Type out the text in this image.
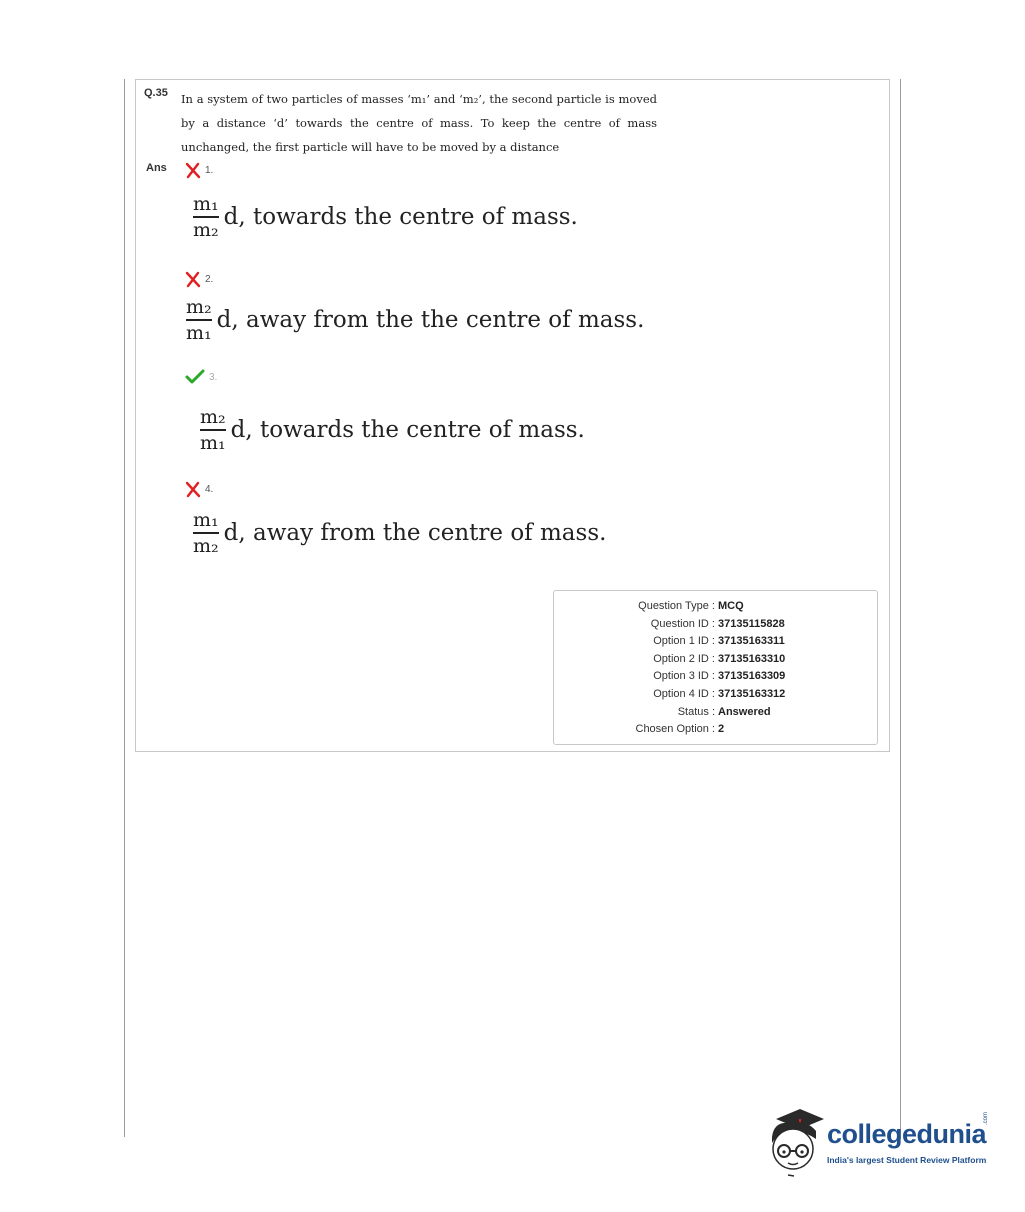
Q.35 In a system of two particles of masses ‘m₁’ and ‘m₂’, the second particle is moved by a distance ‘d’ towards the centre of mass. To keep the centre of mass unchanged, the first particle will have to be moved by a distance
Ans	1.
$\frac{\text{m₁}}{\text{m₂}} d$, towards the centre of mass.
2.
$\frac{\text{m₂}}{\text{m₁}} d$, away from the the centre of mass.
3.
$\frac{\text{m₂}}{\text{m₁}} d$, towards the centre of mass.
4.
$\frac{\text{m₁}}{\text{m₂}} d$, away from the centre of mass.
Question Type : MCQ
Question ID : 37135115828
Option 1 ID : 37135163311
Option 2 ID : 37135163310
Option 3 ID : 37135163309
Option 4 ID : 37135163312
Status : Answered
Chosen Option : 2
collegedunia
.com
India's largest Student Review Platform
